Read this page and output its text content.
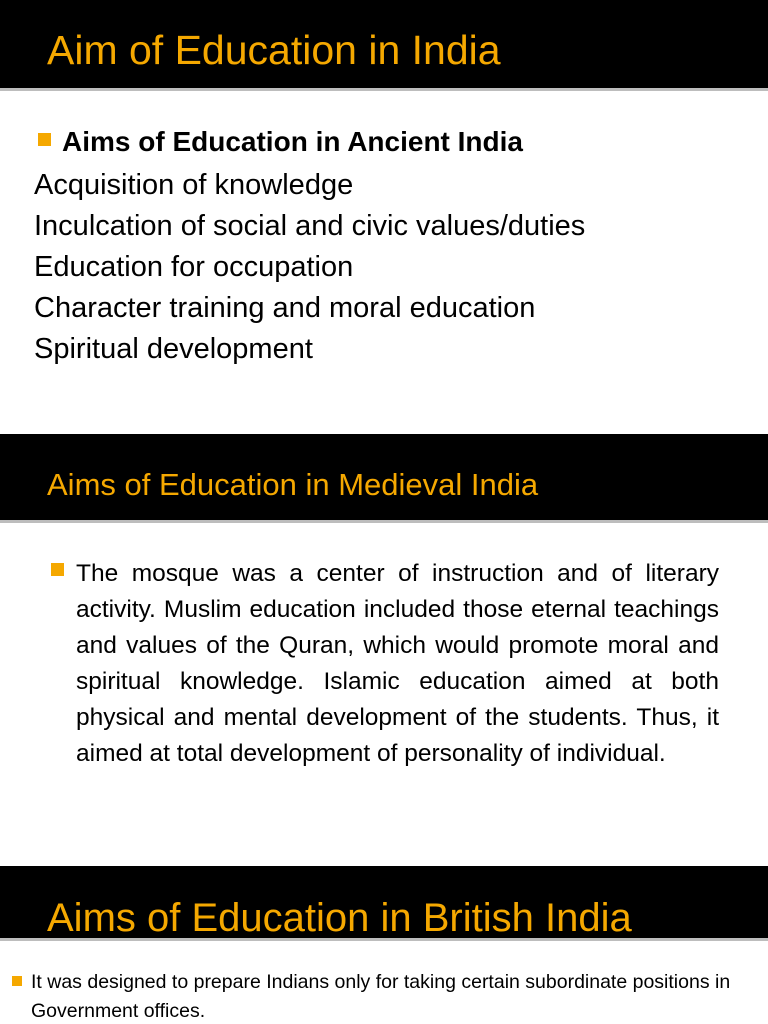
Aim of Education in India
Aims of Education in Ancient India
Acquisition of knowledge
Inculcation of social and civic values/duties
Education for occupation
Character training and moral education
Spiritual development
Aims of Education in Medieval India
The mosque was a center of instruction and of literary activity. Muslim education included those eternal teachings and values of the Quran, which would promote moral and spiritual knowledge. Islamic education aimed at both physical and mental development of the students. Thus, it aimed at total development of personality of individual.
Aims of Education in British India
It was designed to prepare Indians only for taking certain subordinate positions in Government offices.
